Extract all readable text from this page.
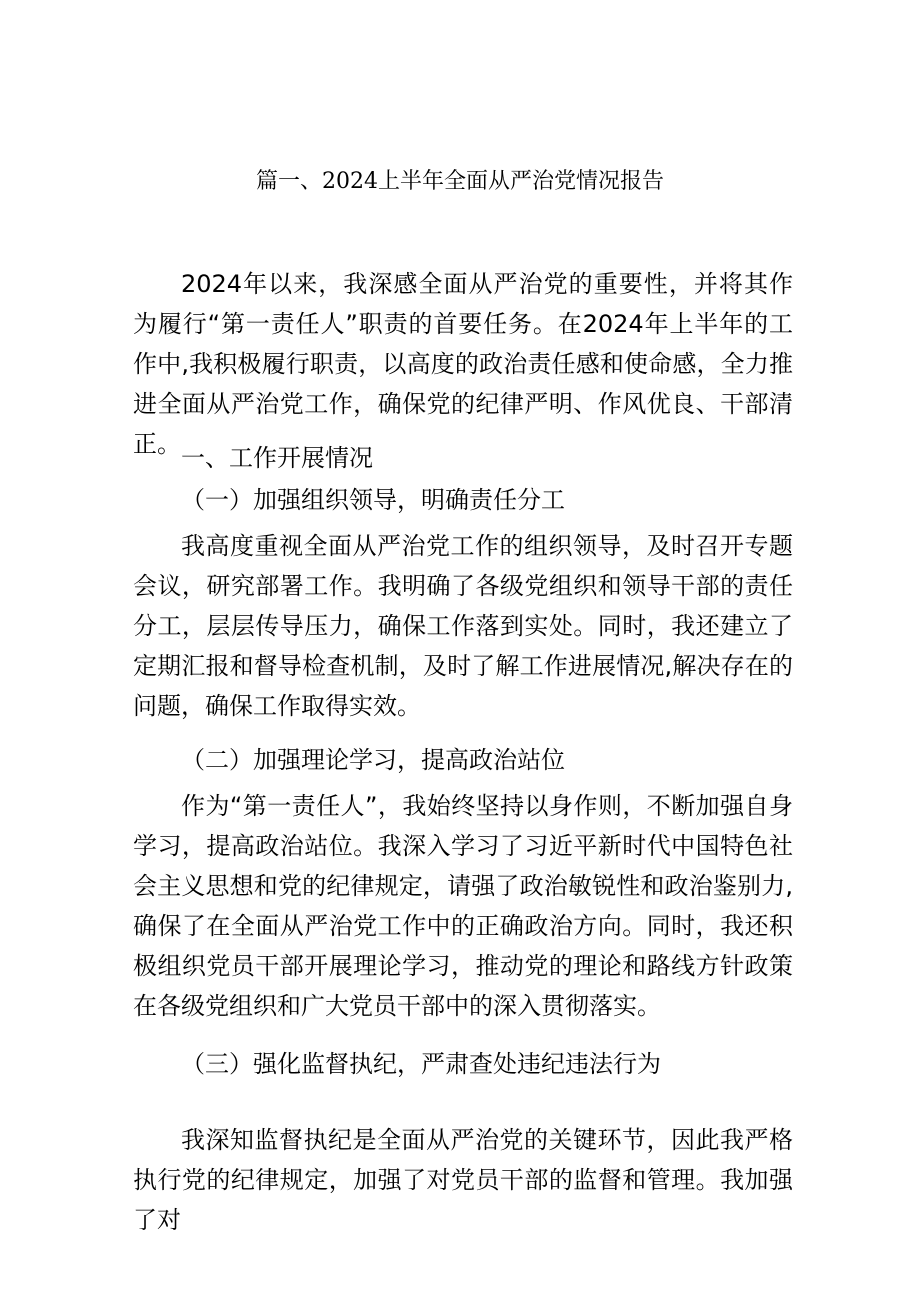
篇一、2024上半年全面从严治党情况报告

2024年以来，我深感全面从严治党的重要性，并将其作为履行“第一责任人”职责的首要任务。在2024年上半年的工作中,我积极履行职责，以高度的政治责任感和使命感，全力推进全面从严治党工作，确保党的纪律严明、作风优良、干部清正。 一、工作开展情况
（一）加强组织领导，明确责任分工

我高度重视全面从严治党工作的组织领导，及时召开专题会议，研究部署工作。我明确了各级党组织和领导干部的责任分工，层层传导压力，确保工作落到实处。同时，我还建立了定期汇报和督导检查机制，及时了解工作进展情况,解决存在的问题，确保工作取得实效。

（二）加强理论学习，提高政治站位

作为“第一责任人”，我始终坚持以身作则，不断加强自身学习，提高政治站位。我深入学习了习近平新时代中国特色社会主义思想和党的纪律规定，请强了政治敏锐性和政治鉴别力,确保了在全面从严治党工作中的正确政治方向。同时，我还积极组织党员干部开展理论学习，推动党的理论和路线方针政策在各级党组织和广大党员干部中的深入贯彻落实。

（三）强化监督执纪，严肃查处违纪违法行为

我深知监督执纪是全面从严治党的关键环节，因此我严格执行党的纪律规定，加强了对党员干部的监督和管理。我加强了对
